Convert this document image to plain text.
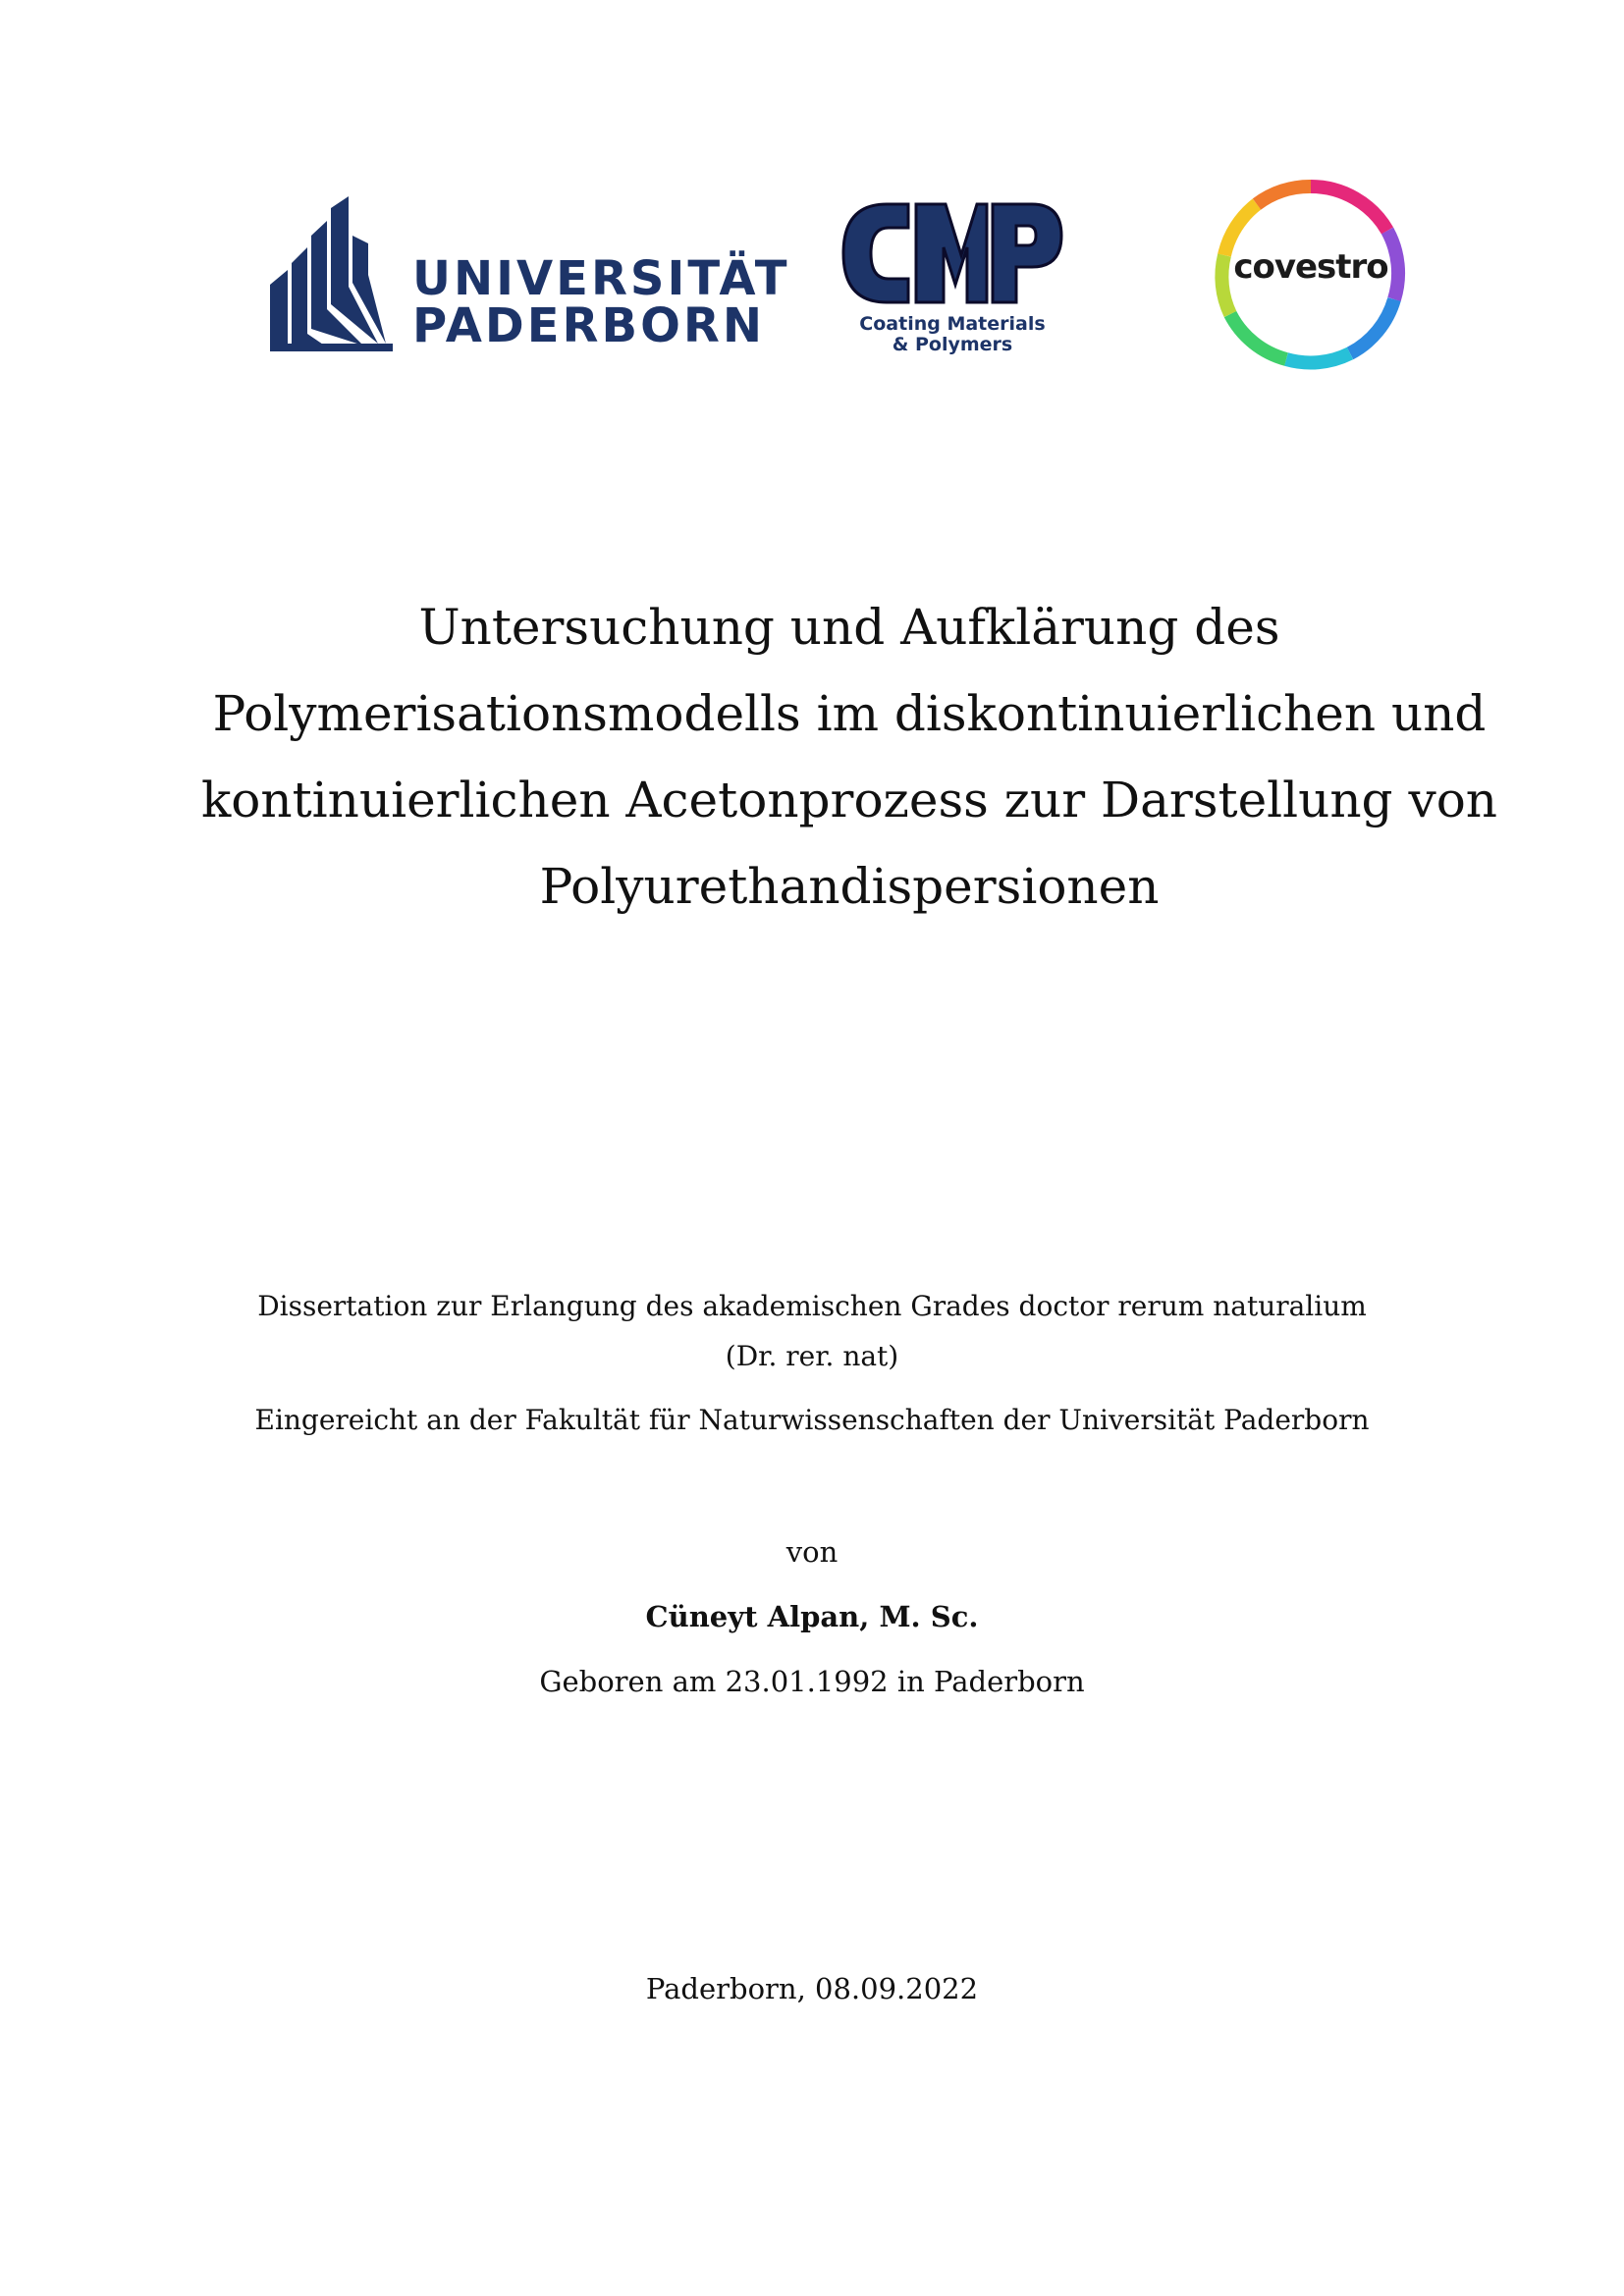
UNIVERSITÄT
PADERBORN	Coating Materials
& Polymers
covestro
Untersuchung und Aufklärung des
Polymerisationsmodells im diskontinuierlichen und
kontinuierlichen Acetonprozess zur Darstellung von
Polyurethandispersionen
Dissertation zur Erlangung des akademischen Grades doctor rerum naturalium
(Dr. rer. nat)
Eingereicht an der Fakultät für Naturwissenschaften der Universität Paderborn
von
Cüneyt Alpan, M. Sc.
Geboren am 23.01.1992 in Paderborn
Paderborn, 08.09.2022
